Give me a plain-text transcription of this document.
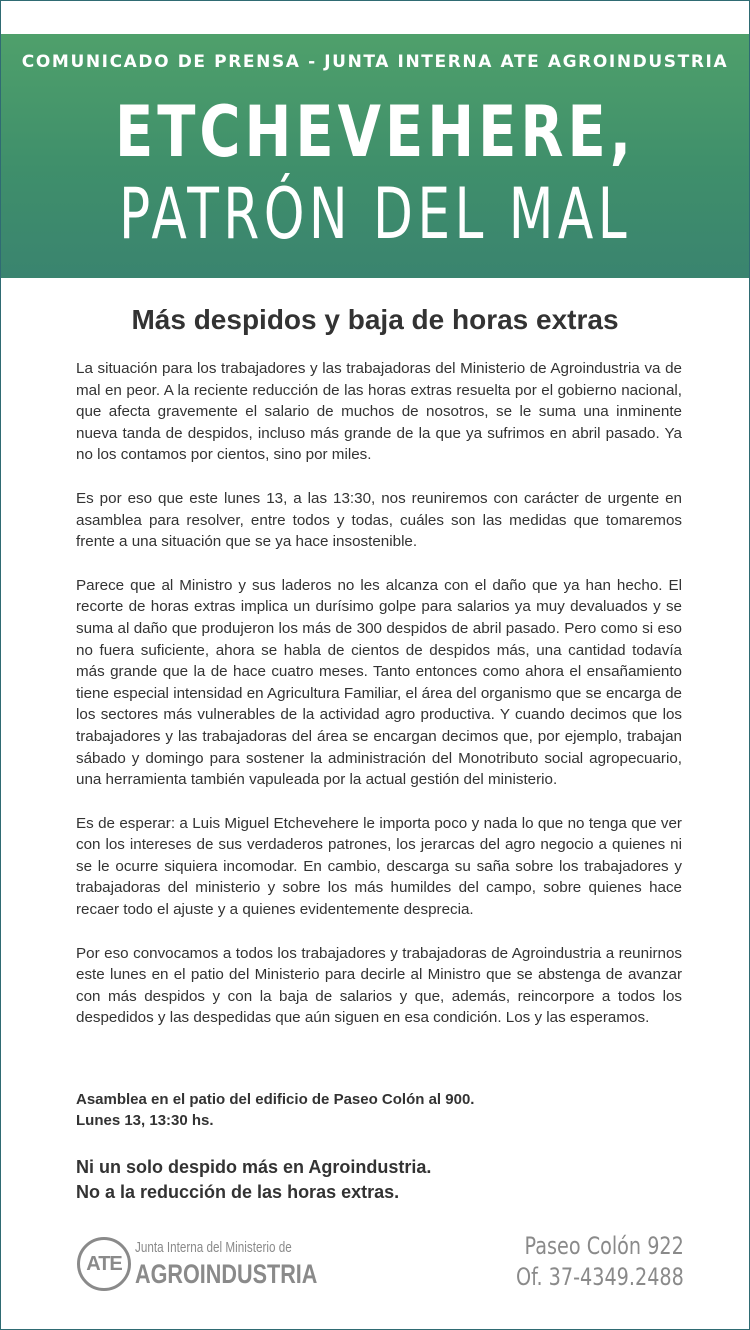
COMUNICADO DE PRENSA - JUNTA INTERNA ATE AGROINDUSTRIA
ETCHEVEHERE,
PATRÓN DEL MAL
Más despidos y baja de horas extras

La situación para los trabajadores y las trabajadoras del Ministerio de Agroindustria va de mal en peor. A la reciente reducción de las horas extras resuelta por el gobierno nacional, que afecta gravemente el salario de muchos de nosotros, se le suma una inminente nueva tanda de despidos, incluso más grande de la que ya sufrimos en abril pasado. Ya no los contamos por cientos, sino por miles.

Es por eso que este lunes 13, a las 13:30, nos reuniremos con carácter de urgente en asamblea para resolver, entre todos y todas, cuáles son las medidas que tomaremos frente a una situación que se ya hace insostenible.

Parece que al Ministro y sus laderos no les alcanza con el daño que ya han hecho. El recorte de horas extras implica un durísimo golpe para salarios ya muy devaluados y se suma al daño que produjeron los más de 300 despidos de abril pasado. Pero como si eso no fuera suficiente, ahora se habla de cientos de despidos más, una cantidad todavía más grande que la de hace cuatro meses. Tanto entonces como ahora el ensañamiento tiene especial intensidad en Agricultura Familiar, el área del organismo que se encarga de los sectores más vulnerables de la actividad agro productiva. Y cuando decimos que los trabajadores y las trabajadoras del área se encargan decimos que, por ejemplo, trabajan sábado y domingo para sostener la administración del Monotributo social agropecuario, una herramienta también vapuleada por la actual gestión del ministerio.

Es de esperar: a Luis Miguel Etchevehere le importa poco y nada lo que no tenga que ver con los intereses de sus verdaderos patrones, los jerarcas del agro negocio a quienes ni se le ocurre siquiera incomodar. En cambio, descarga su saña sobre los trabajadores y trabajadoras del ministerio y sobre los más humildes del campo, sobre quienes hace recaer todo el ajuste y a quienes evidentemente desprecia.

Por eso convocamos a todos los trabajadores y trabajadoras de Agroindustria a reunirnos este lunes en el patio del Ministerio para decirle al Ministro que se abstenga de avanzar con más despidos y con la baja de salarios y que, además, reincorpore a todos los despedidos y las despedidas que aún siguen en esa condición. Los y las esperamos.

Asamblea en el patio del edificio de Paseo Colón al 900.
Lunes 13, 13:30 hs.
Ni un solo despido más en Agroindustria.
No a la reducción de las horas extras.
ATE
Junta Interna del Ministerio de
AGROINDUSTRIA
Paseo Colón 922
Of. 37-4349.2488
